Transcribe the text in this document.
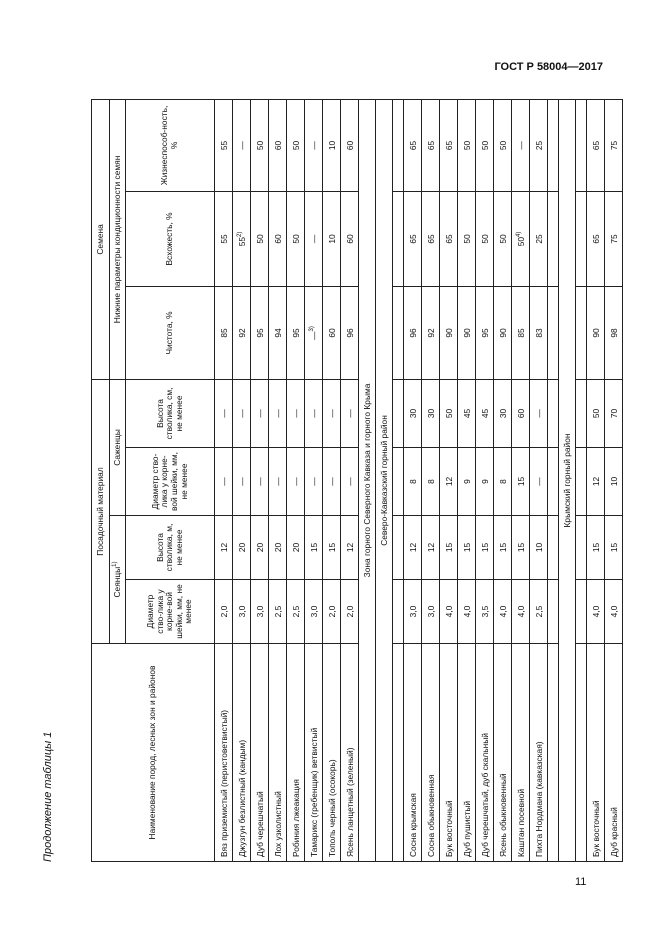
ГОСТ Р 58004—2017
Продолжение таблицы 1	Наименование пород, лесных зон и районов	Посадочный материал				Семена		
	Сеянцы$^{1)}$		Саженцы		Нижние параметры кондиционности семян		
	Диаметр ство-лика у корне-вой шейки, мм, не менее	Высота стволика, м, не менее	Диаметр ство-лика у корне-вой шейки, мм, не менее	Высота стволика, см, не менее	Чистота, %	Всхожесть, %	Жизнеспособ-ность, %
Вяз приземистый (перистоветвистый)	2,0	12	—	—	85	55	55
Джузгун безлистный (кандым)	3,0	20	—	—	92	55$^{2)}$	—
Дуб черешчатый	3,0	20	—	—	95	50	50
Лох узколистный	2,5	20	—	—	94	60	60
Робиния лжеакация	2,5	20	—	—	95	50	50
Тамарикс (гребенщик) ветвистый	3,0	15	—	—	—$^{3)}$	—	—
Тополь черный (осокорь)	2,0	15	—	—	60	10	10
Ясень ланцетный (зеленый)	2,0	12	—	—	96	60	60
Зона горного Северного Кавказа и горного Крыма							
Северо-Кавказский горный район							

Сосна крымская	3,0	12	8	30	96	65	65
Сосна обыкновенная	3,0	12	8	30	92	65	65
Бук восточный	4,0	15	12	50	90	65	65
Дуб пушистый	4,0	15	9	45	90	50	50
Дуб черешчатый, дуб скальный	3,5	15	9	45	95	50	50
Ясень обыкновенный	4,0	15	8	30	90	50	50
Каштан посевной	4,0	15	15	60	85	50$^{4)}$	—
Пихта Нордмана (кавказская)	2,5	10	—	—	83	25	25

Крымский горный район							

Бук восточный	4,0	15	12	50	90	65	65
Дуб красный	4,0	15	10	70	98	75	75
11
